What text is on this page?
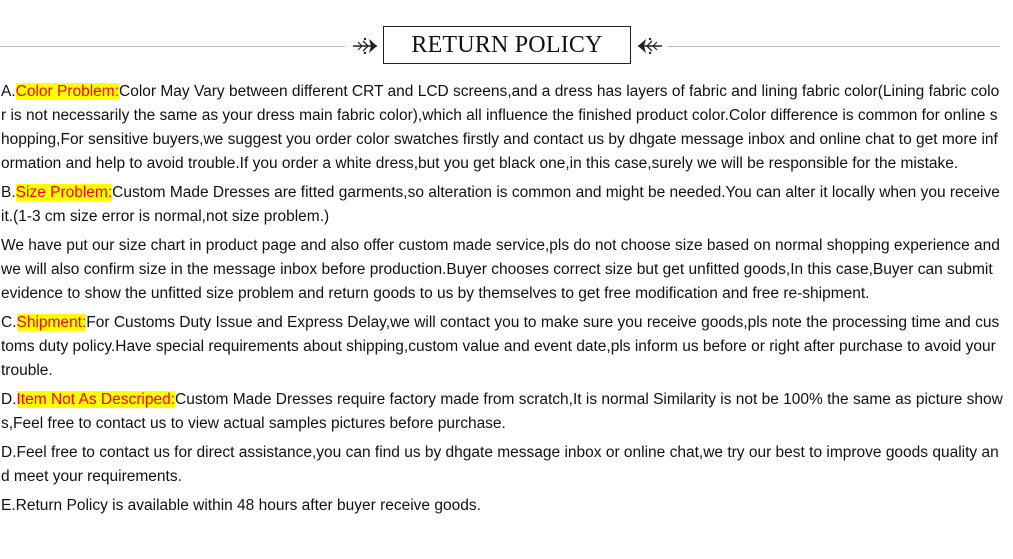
RETURN POLICY

A.Color Problem:Color May Vary between different CRT and LCD screens,and a dress has layers of fabric and lining fabric color(Lining fabric color is not necessarily the same as your dress main fabric color),which all influence the finished product color.Color difference is common for online shopping,For sensitive buyers,we suggest you order color swatches firstly and contact us by dhgate message inbox and online chat to get more information and help to avoid trouble.If you order a white dress,but you get black one,in this case,surely we will be responsible for the mistake.

B.Size Problem:Custom Made Dresses are fitted garments,so alteration is common and might be needed.You can alter it locally when you receive it.(1-3 cm size error is normal,not size problem.)

We have put our size chart in product page and also offer custom made service,pls do not choose size based on normal shopping experience and we will also confirm size in the message inbox before production.Buyer chooses correct size but get unfitted goods,In this case,Buyer can submit evidence to show the unfitted size problem and return goods to us by themselves to get free modification and free re-shipment.

C.Shipment:For Customs Duty Issue and Express Delay,we will contact you to make sure you receive goods,pls note the processing time and customs duty policy.Have special requirements about shipping,custom value and event date,pls inform us before or right after purchase to avoid your trouble.

D.Item Not As Descriped:Custom Made Dresses require factory made from scratch,It is normal Similarity is not be 100% the same as picture shows,Feel free to contact us to view actual samples pictures before purchase.

D.Feel free to contact us for direct assistance,you can find us by dhgate message inbox or online chat,we try our best to improve goods quality and meet your requirements.

E.Return Policy is available within 48 hours after buyer receive goods.
